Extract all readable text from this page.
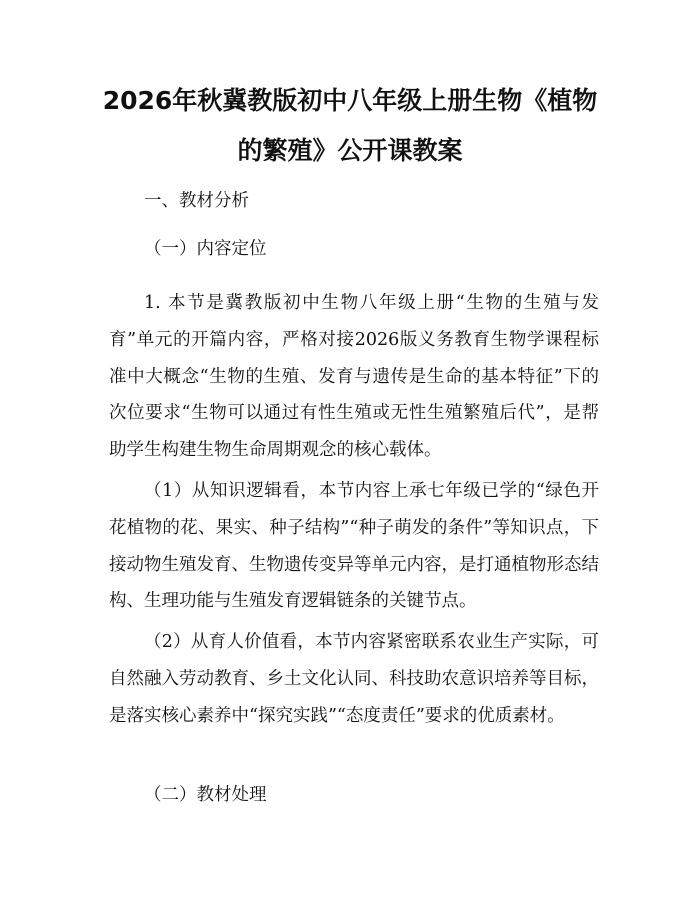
2026年秋冀教版初中八年级上册生物《植物
的繁殖》公开课教案
一、教材分析
（一）内容定位

1. 本节是冀教版初中生物八年级上册“生物的生殖与发育”单元的开篇内容，严格对接2026版义务教育生物学课程标准中大概念“生物的生殖、发育与遗传是生命的基本特征”下的次位要求“生物可以通过有性生殖或无性生殖繁殖后代”，是帮助学生构建生物生命周期观念的核心载体。

（1）从知识逻辑看，本节内容上承七年级已学的“绿色开花植物的花、果实、种子结构”“种子萌发的条件”等知识点，下接动物生殖发育、生物遗传变异等单元内容，是打通植物形态结构、生理功能与生殖发育逻辑链条的关键节点。

（2）从育人价值看，本节内容紧密联系农业生产实际，可自然融入劳动教育、乡土文化认同、科技助农意识培养等目标，是落实核心素养中“探究实践”“态度责任”要求的优质素材。

（二）教材处理
